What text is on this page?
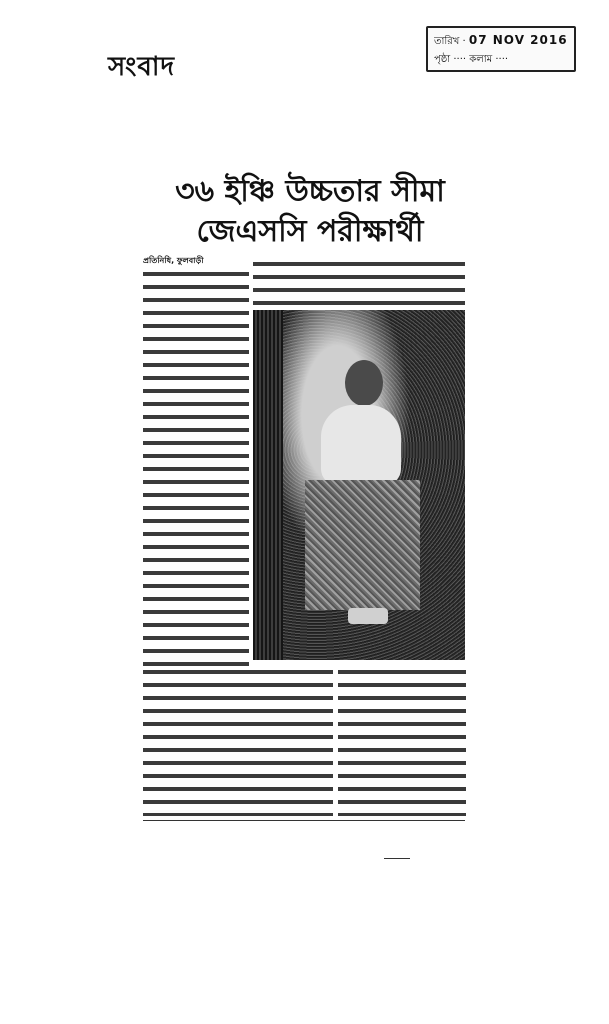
সংবাদ
তারিখ · 07 NOV 2016
পৃষ্ঠা ···· কলাম ····
৩৬ ইঞ্চি উচ্চতার সীমা
জেএসসি পরীক্ষার্থী
প্রতিনিধি, ফুলবাড়ী
